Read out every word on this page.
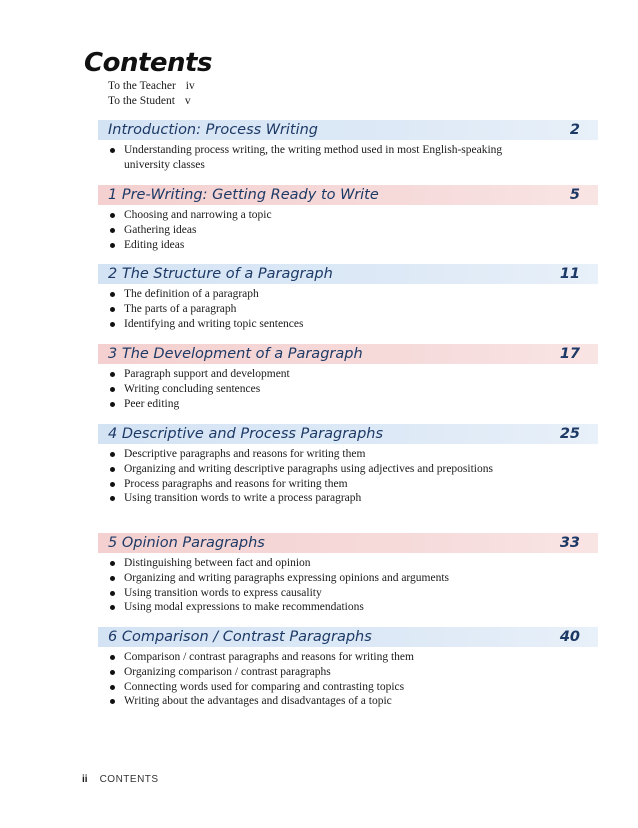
Contents
To the Teacher iv
To the Student v
Introduction: Process Writing	2
Understanding process writing, the writing method used in most English-speaking university classes
1 Pre-Writing: Getting Ready to Write	5
Choosing and narrowing a topic
Gathering ideas
Editing ideas
2 The Structure of a Paragraph	11
The definition of a paragraph
The parts of a paragraph
Identifying and writing topic sentences
3 The Development of a Paragraph	17
Paragraph support and development
Writing concluding sentences
Peer editing
4 Descriptive and Process Paragraphs	25
Descriptive paragraphs and reasons for writing them
Organizing and writing descriptive paragraphs using adjectives and prepositions
Process paragraphs and reasons for writing them
Using transition words to write a process paragraph
5 Opinion Paragraphs	33
Distinguishing between fact and opinion
Organizing and writing paragraphs expressing opinions and arguments
Using transition words to express causality
Using modal expressions to make recommendations
6 Comparison / Contrast Paragraphs	40
Comparison / contrast paragraphs and reasons for writing them
Organizing comparison / contrast paragraphs
Connecting words used for comparing and contrasting topics
Writing about the advantages and disadvantages of a topic
ii CONTENTS
